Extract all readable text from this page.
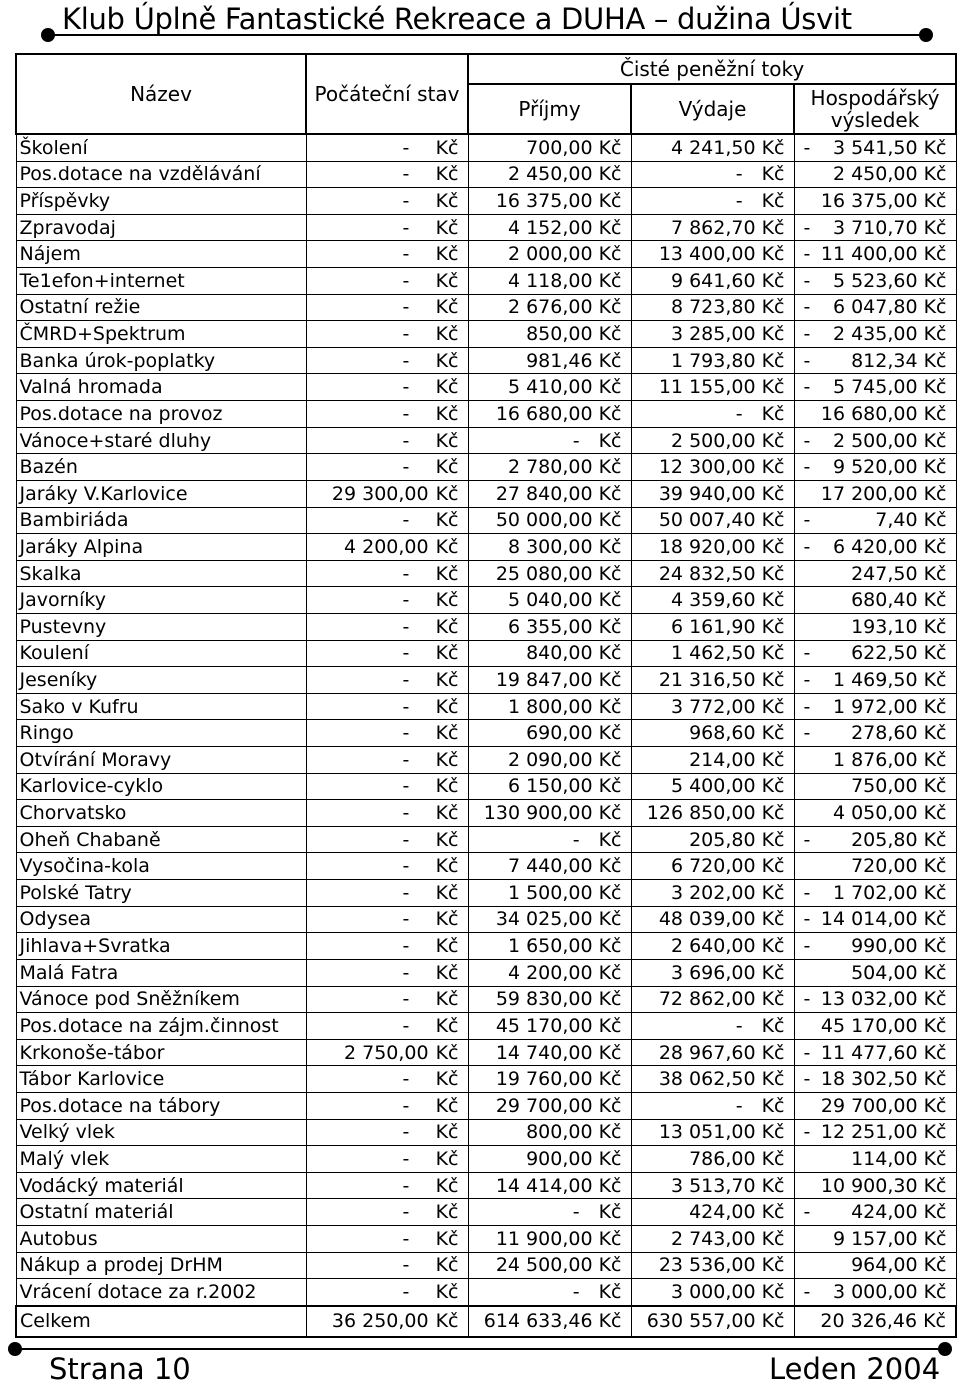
Klub Úplně Fantastické Rekreace a DUHA – dužina Úsvit
Název	Počáteční stav	Čisté peněžní toky		
		Příjmy	Výdaje	Hospodářský výsledek
Školení	- Kč	700,00 Kč	4 241,50 Kč	- 3 541,50 Kč

Pos.dotace na vzdělávání	- Kč	2 450,00 Kč	- Kč	2 450,00 Kč

Příspěvky	- Kč	16 375,00 Kč	- Kč	16 375,00 Kč

Zpravodaj	- Kč	4 152,00 Kč	7 862,70 Kč	- 3 710,70 Kč

Nájem	- Kč	2 000,00 Kč	13 400,00 Kč	- 11 400,00 Kč

Te1efon+internet	- Kč	4 118,00 Kč	9 641,60 Kč	- 5 523,60 Kč

Ostatní režie	- Kč	2 676,00 Kč	8 723,80 Kč	- 6 047,80 Kč

ČMRD+Spektrum	- Kč	850,00 Kč	3 285,00 Kč	- 2 435,00 Kč

Banka úrok-poplatky	- Kč	981,46 Kč	1 793,80 Kč	- 812,34 Kč

Valná hromada	- Kč	5 410,00 Kč	11 155,00 Kč	- 5 745,00 Kč

Pos.dotace na provoz	- Kč	16 680,00 Kč	- Kč	16 680,00 Kč

Vánoce+staré dluhy	- Kč	- Kč	2 500,00 Kč	- 2 500,00 Kč

Bazén	- Kč	2 780,00 Kč	12 300,00 Kč	- 9 520,00 Kč

Jaráky V.Karlovice	29 300,00 Kč	27 840,00 Kč	39 940,00 Kč	17 200,00 Kč

Bambiriáda	- Kč	50 000,00 Kč	50 007,40 Kč	- 7,40 Kč

Jaráky Alpina	4 200,00 Kč	8 300,00 Kč	18 920,00 Kč	- 6 420,00 Kč

Skalka	- Kč	25 080,00 Kč	24 832,50 Kč	247,50 Kč

Javorníky	- Kč	5 040,00 Kč	4 359,60 Kč	680,40 Kč

Pustevny	- Kč	6 355,00 Kč	6 161,90 Kč	193,10 Kč

Koulení	- Kč	840,00 Kč	1 462,50 Kč	- 622,50 Kč

Jeseníky	- Kč	19 847,00 Kč	21 316,50 Kč	- 1 469,50 Kč

Sako v Kufru	- Kč	1 800,00 Kč	3 772,00 Kč	- 1 972,00 Kč

Ringo	- Kč	690,00 Kč	968,60 Kč	- 278,60 Kč

Otvírání Moravy	- Kč	2 090,00 Kč	214,00 Kč	1 876,00 Kč

Karlovice-cyklo	- Kč	6 150,00 Kč	5 400,00 Kč	750,00 Kč

Chorvatsko	- Kč	130 900,00 Kč	126 850,00 Kč	4 050,00 Kč

Oheň Chabaně	- Kč	- Kč	205,80 Kč	- 205,80 Kč

Vysočina-kola	- Kč	7 440,00 Kč	6 720,00 Kč	720,00 Kč

Polské Tatry	- Kč	1 500,00 Kč	3 202,00 Kč	- 1 702,00 Kč

Odysea	- Kč	34 025,00 Kč	48 039,00 Kč	- 14 014,00 Kč

Jihlava+Svratka	- Kč	1 650,00 Kč	2 640,00 Kč	- 990,00 Kč

Malá Fatra	- Kč	4 200,00 Kč	3 696,00 Kč	504,00 Kč

Vánoce pod Sněžníkem	- Kč	59 830,00 Kč	72 862,00 Kč	- 13 032,00 Kč

Pos.dotace na zájm.činnost	- Kč	45 170,00 Kč	- Kč	45 170,00 Kč

Krkonoše-tábor	2 750,00 Kč	14 740,00 Kč	28 967,60 Kč	- 11 477,60 Kč

Tábor Karlovice	- Kč	19 760,00 Kč	38 062,50 Kč	- 18 302,50 Kč

Pos.dotace na tábory	- Kč	29 700,00 Kč	- Kč	29 700,00 Kč

Velký vlek	- Kč	800,00 Kč	13 051,00 Kč	- 12 251,00 Kč

Malý vlek	- Kč	900,00 Kč	786,00 Kč	114,00 Kč

Vodácký materiál	- Kč	14 414,00 Kč	3 513,70 Kč	10 900,30 Kč

Ostatní materiál	- Kč	- Kč	424,00 Kč	- 424,00 Kč

Autobus	- Kč	11 900,00 Kč	2 743,00 Kč	9 157,00 Kč

Nákup a prodej DrHM	- Kč	24 500,00 Kč	23 536,00 Kč	964,00 Kč

Vrácení dotace za r.2002	- Kč	- Kč	3 000,00 Kč	- 3 000,00 Kč

Celkem	36 250,00 Kč	614 633,46 Kč	630 557,00 Kč	20 326,46 Kč
Strana 10	Leden 2004
